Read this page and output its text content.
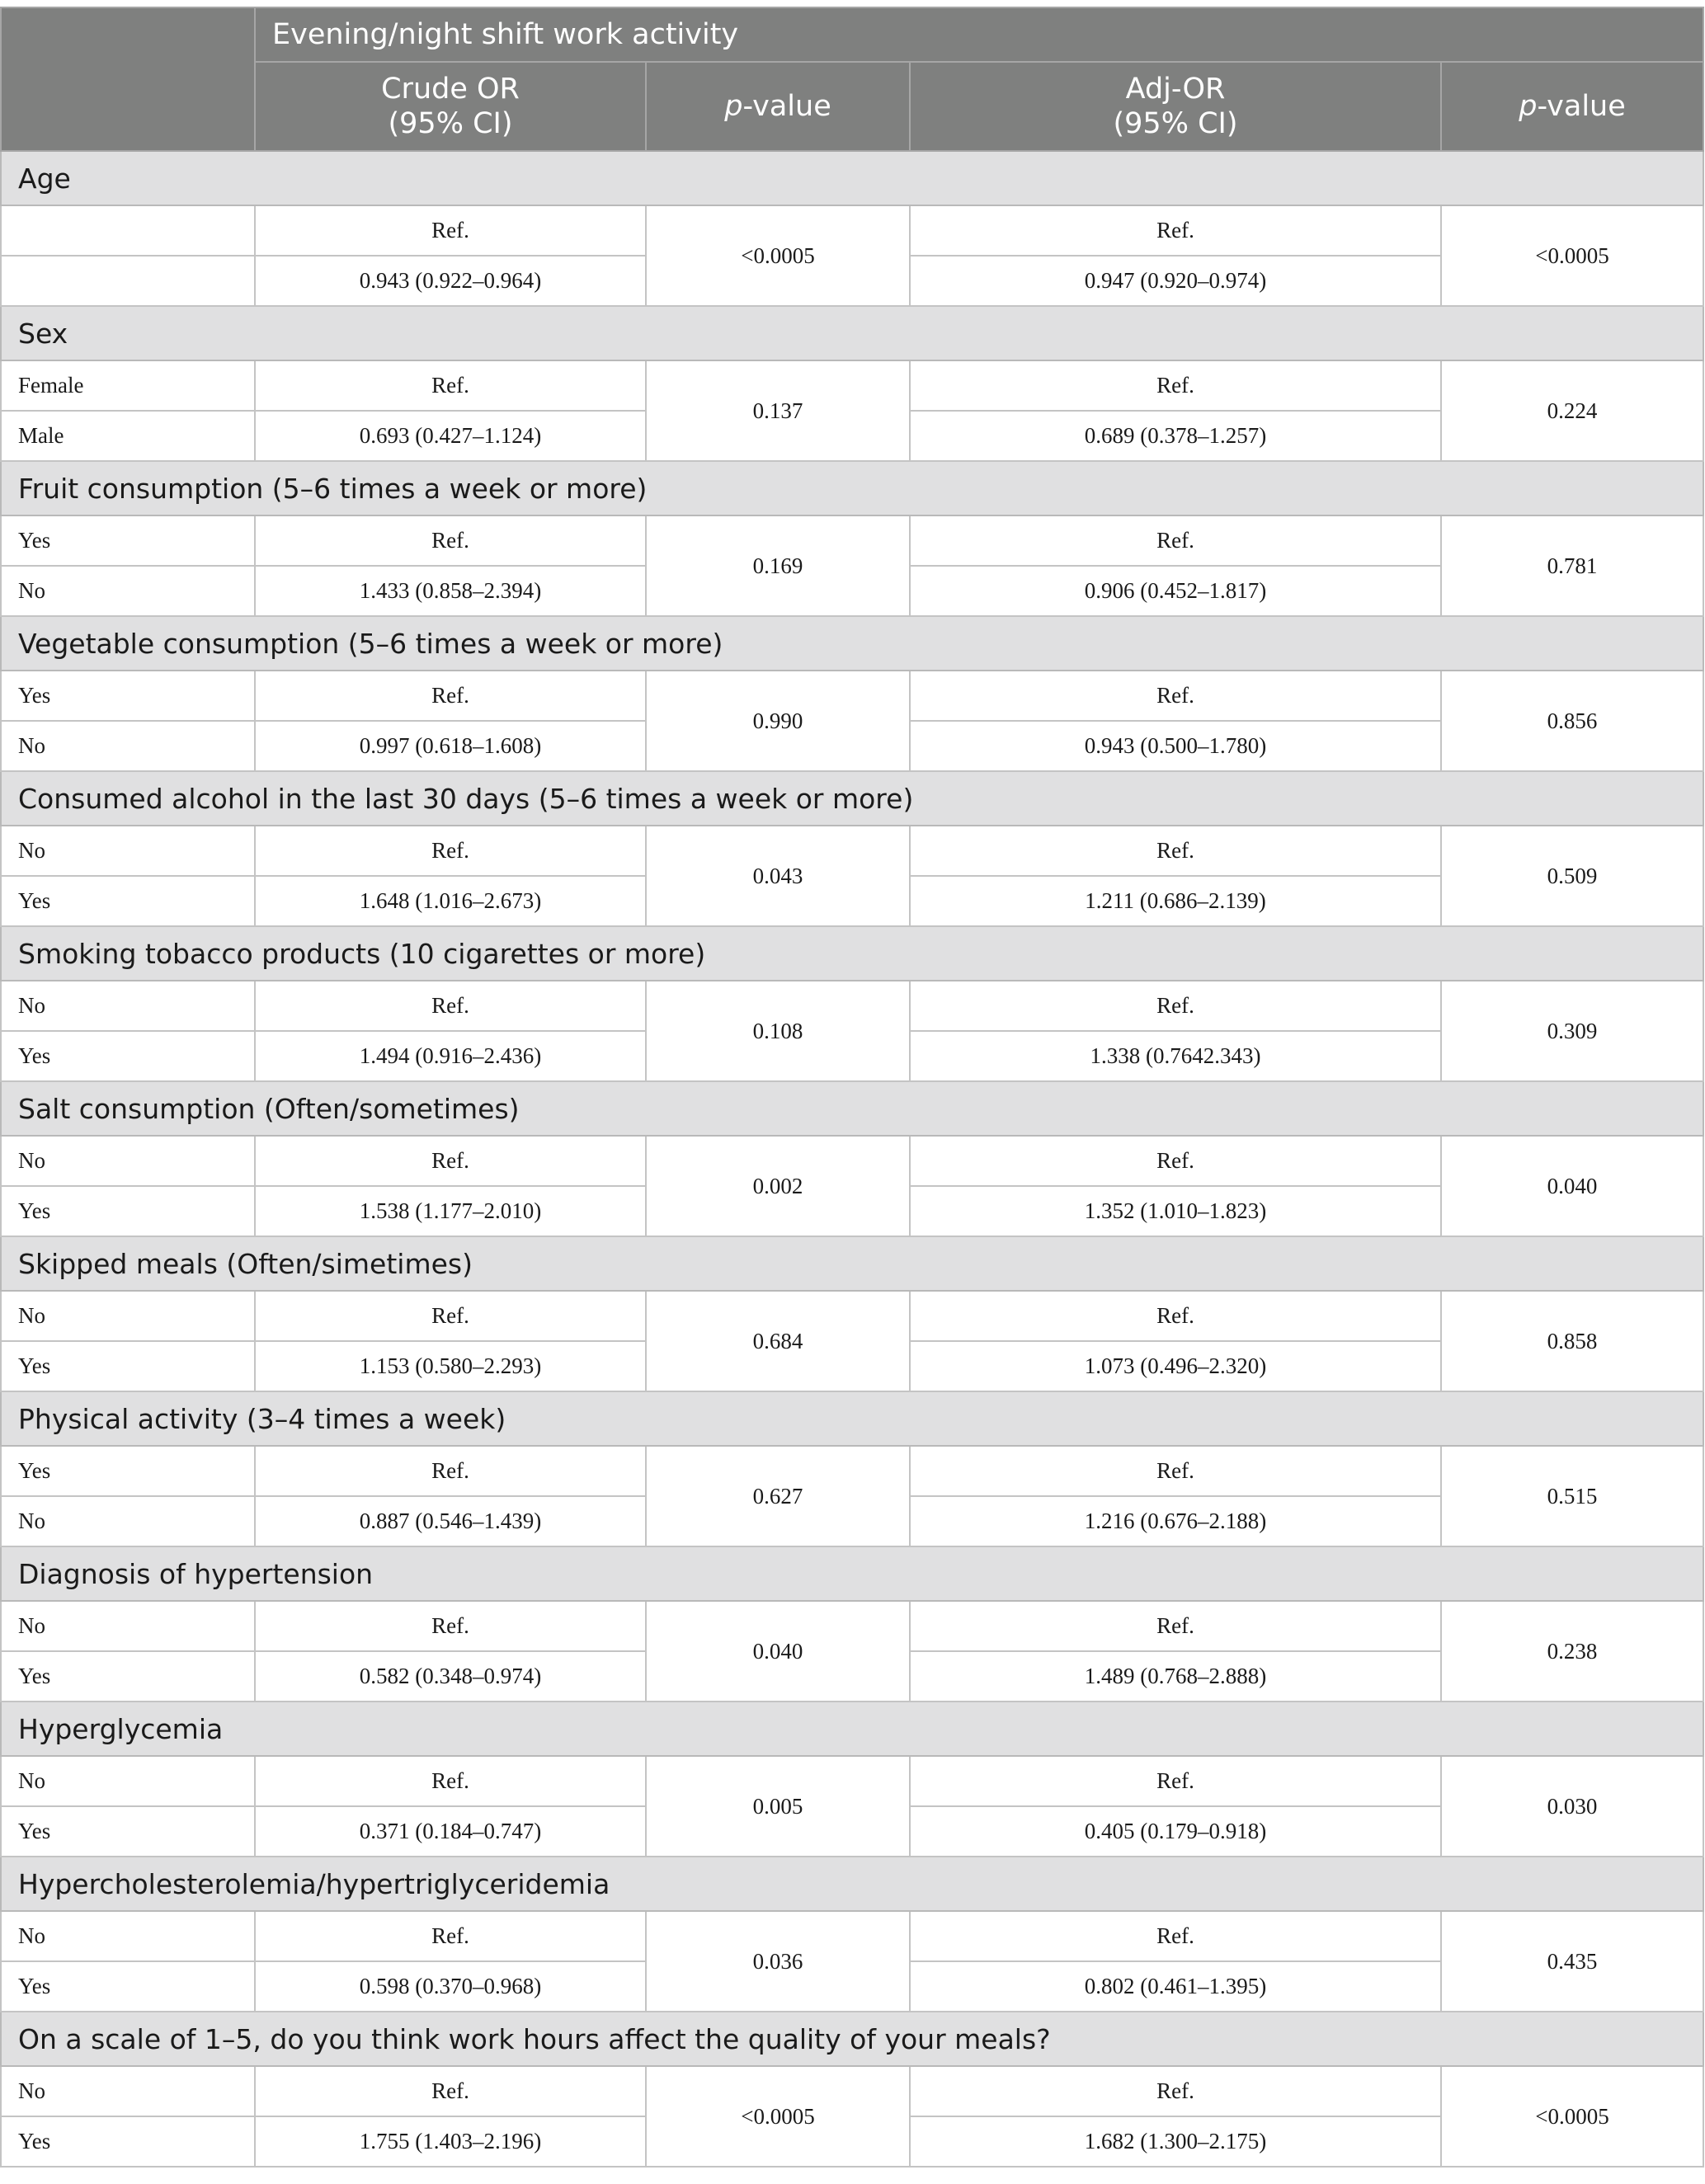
	Evening/night shift work activity			

	Crude OR
(95% CI)	p-value	Adj-OR
(95% CI)	p-value
Age				
	Ref.	<0.0005	Ref.	<0.0005
	0.943 (0.922–0.964)		0.947 (0.920–0.974)	
Sex				
Female	Ref.	0.137	Ref.	0.224
Male	0.693 (0.427–1.124)		0.689 (0.378–1.257)	
Fruit consumption (5–6 times a week or more)				
Yes	Ref.	0.169	Ref.	0.781
No	1.433 (0.858–2.394)		0.906 (0.452–1.817)	
Vegetable consumption (5–6 times a week or more)				
Yes	Ref.	0.990	Ref.	0.856
No	0.997 (0.618–1.608)		0.943 (0.500–1.780)	
Consumed alcohol in the last 30 days (5–6 times a week or more)				
No	Ref.	0.043	Ref.	0.509
Yes	1.648 (1.016–2.673)		1.211 (0.686–2.139)	
Smoking tobacco products (10 cigarettes or more)				
No	Ref.	0.108	Ref.	0.309
Yes	1.494 (0.916–2.436)		1.338 (0.7642.343)	
Salt consumption (Often/sometimes)				
No	Ref.	0.002	Ref.	0.040
Yes	1.538 (1.177–2.010)		1.352 (1.010–1.823)	
Skipped meals (Often/simetimes)				
No	Ref.	0.684	Ref.	0.858
Yes	1.153 (0.580–2.293)		1.073 (0.496–2.320)	
Physical activity (3–4 times a week)				
Yes	Ref.	0.627	Ref.	0.515
No	0.887 (0.546–1.439)		1.216 (0.676–2.188)	
Diagnosis of hypertension				
No	Ref.	0.040	Ref.	0.238
Yes	0.582 (0.348–0.974)		1.489 (0.768–2.888)	
Hyperglycemia				
No	Ref.	0.005	Ref.	0.030
Yes	0.371 (0.184–0.747)		0.405 (0.179–0.918)	
Hypercholesterolemia/hypertriglyceridemia				
No	Ref.	0.036	Ref.	0.435
Yes	0.598 (0.370–0.968)		0.802 (0.461–1.395)	
On a scale of 1–5, do you think work hours affect the quality of your meals?				
No	Ref.	<0.0005	Ref.	<0.0005
Yes	1.755 (1.403–2.196)		1.682 (1.300–2.175)	
